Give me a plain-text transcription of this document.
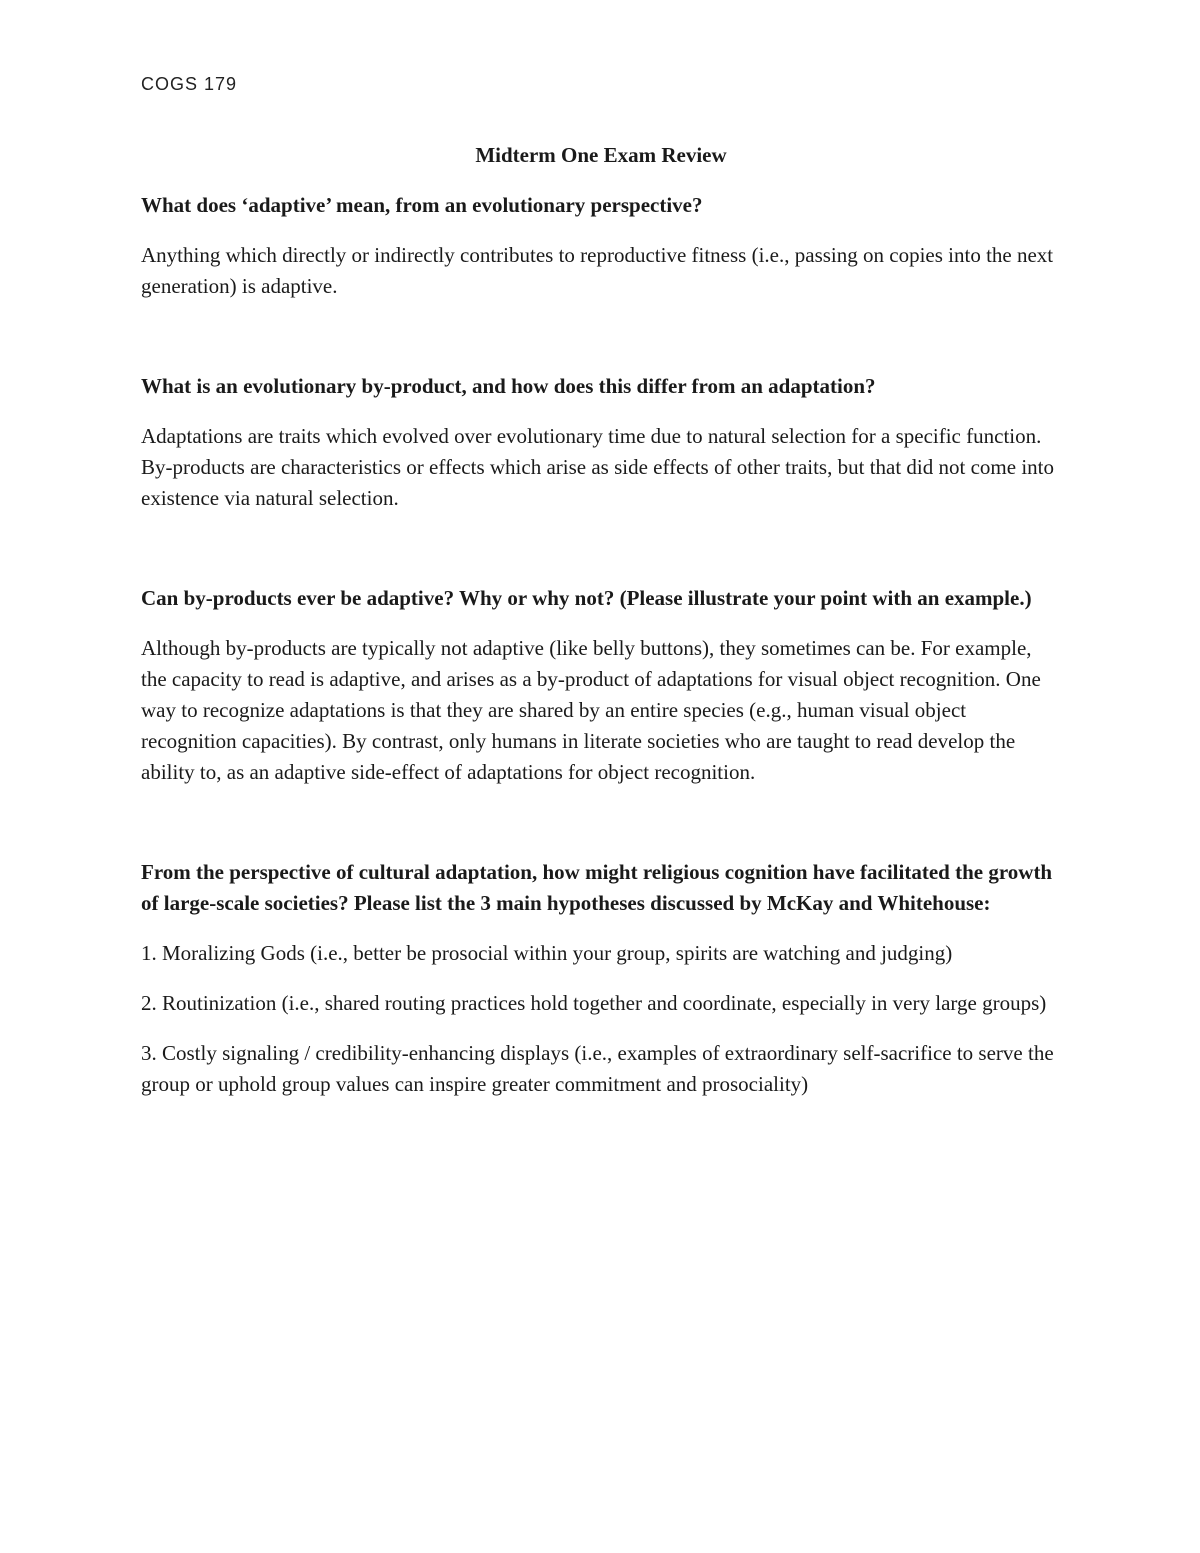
COGS 179

Midterm One Exam Review

What does ‘adaptive’ mean, from an evolutionary perspective?

Anything which directly or indirectly contributes to reproductive fitness (i.e., passing on copies into the next generation) is adaptive.

What is an evolutionary by-product, and how does this differ from an adaptation?

Adaptations are traits which evolved over evolutionary time due to natural selection for a specific function. By-products are characteristics or effects which arise as side effects of other traits, but that did not come into existence via natural selection.

Can by-products ever be adaptive? Why or why not? (Please illustrate your point with an example.)

Although by-products are typically not adaptive (like belly buttons), they sometimes can be. For example, the capacity to read is adaptive, and arises as a by-product of adaptations for visual object recognition. One way to recognize adaptations is that they are shared by an entire species (e.g., human visual object recognition capacities). By contrast, only humans in literate societies who are taught to read develop the ability to, as an adaptive side-effect of adaptations for object recognition.

From the perspective of cultural adaptation, how might religious cognition have facilitated the growth of large-scale societies? Please list the 3 main hypotheses discussed by McKay and Whitehouse:

1. Moralizing Gods (i.e., better be prosocial within your group, spirits are watching and judging)

2. Routinization (i.e., shared routing practices hold together and coordinate, especially in very large groups)

3. Costly signaling / credibility-enhancing displays (i.e., examples of extraordinary self-sacrifice to serve the group or uphold group values can inspire greater commitment and prosociality)
